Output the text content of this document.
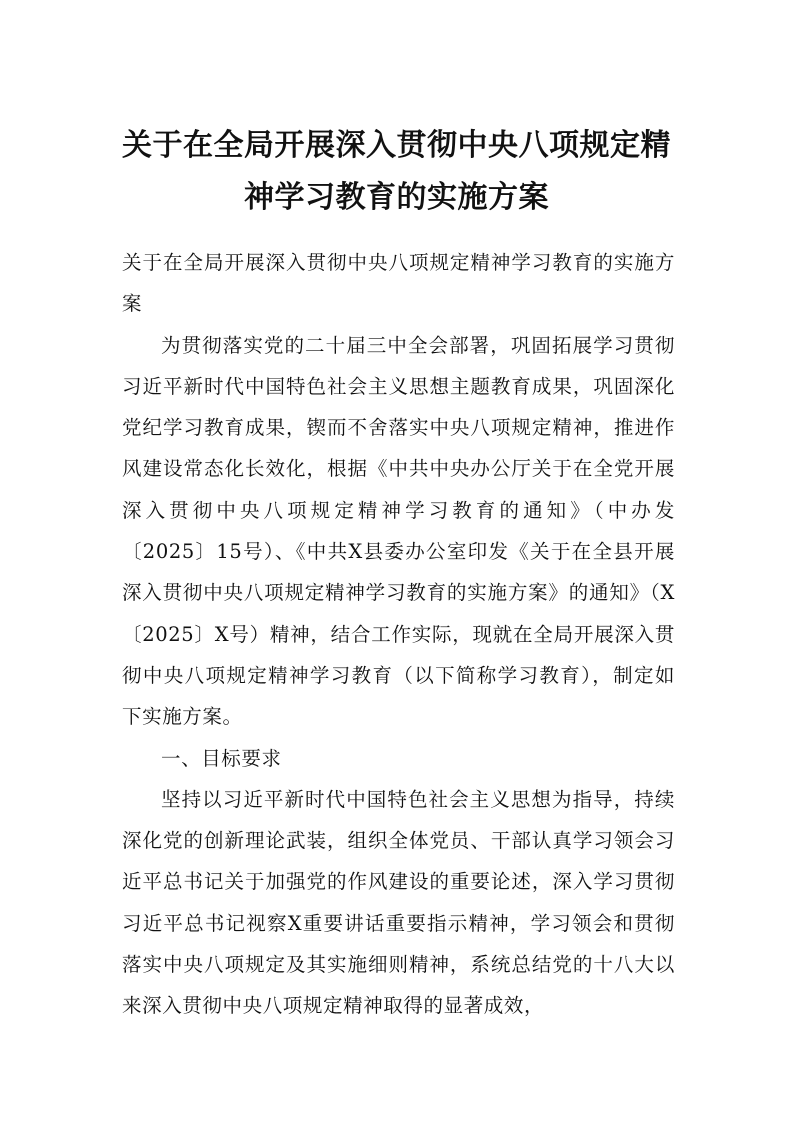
关于在全局开展深入贯彻中央八项规定精
神学习教育的实施方案

关于在全局开展深入贯彻中央八项规定精神学习教育的实施方案

为贯彻落实党的二十届三中全会部署，巩固拓展学习贯彻习近平新时代中国特色社会主义思想主题教育成果，巩固深化党纪学习教育成果，锲而不舍落实中央八项规定精神，推进作风建设常态化长效化，根据《中共中央办公厅关于在全党开展深入贯彻中央八项规定精神学习教育的通知》（中办发〔2025〕15号）、《中共X县委办公室印发《关于在全县开展深入贯彻中央八项规定精神学习教育的实施方案》的通知》（X〔2025〕X号）精神，结合工作实际，现就在全局开展深入贯彻中央八项规定精神学习教育（以下简称学习教育），制定如下实施方案。

一、目标要求

坚持以习近平新时代中国特色社会主义思想为指导，持续深化党的创新理论武装，组织全体党员、干部认真学习领会习近平总书记关于加强党的作风建设的重要论述，深入学习贯彻习近平总书记视察X重要讲话重要指示精神，学习领会和贯彻落实中央八项规定及其实施细则精神，系统总结党的十八大以来深入贯彻中央八项规定精神取得的显著成效，
